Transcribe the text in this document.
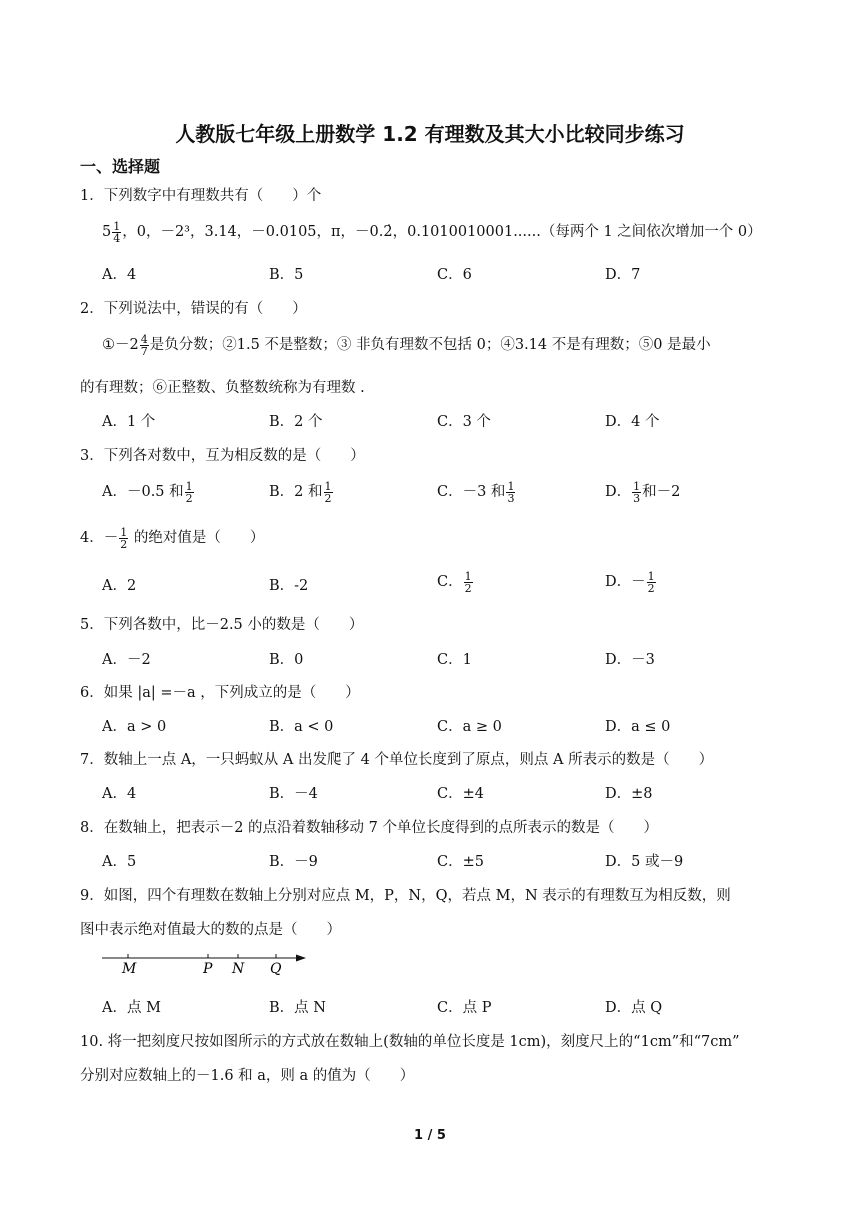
人教版七年级上册数学 1.2 有理数及其大小比较同步练习
一、选择题
1．下列数字中有理数共有（　　）个
$5 \frac{1}{4}$ ，0，－2³，3.14，－0.0105，π，－0.2̇，0.1010010001......（每两个 1 之间依次增加一个 0）
A．4	B．5	C．6	D．7
2．下列说法中，错误的有（　　）
①－2 $\frac{4}{7}$ 是负分数；②1.5 不是整数；③ 非负有理数不包括 0；④3.14 不是有理数；⑤0 是最小
的有理数；⑥正整数、负整数统称为有理数 .
A．1 个	B．2 个	C．3 个	D．4 个
3．下列各对数中，互为相反数的是（　　）
A．－0.5 和 $\frac{1}{2}$	B．2 和 $\frac{1}{2}$	C．－3 和 $\frac{1}{3}$	D． $\frac{1}{3}$ 和－2
4．－ $\frac{1}{2}$ 的绝对值是（　　）
A．2	B．-2	C． $\frac{1}{2}$	D．－ $\frac{1}{2}$
5．下列各数中，比－2.5 小的数是（　　）
A．－2	B．0	C．1	D．－3
6．如果 |a| =－a ，下列成立的是（　　）
A．a > 0	B．a < 0	C．a ≥ 0	D．a ≤ 0
7．数轴上一点 A，一只蚂蚁从 A 出发爬了 4 个单位长度到了原点，则点 A 所表示的数是（　　）
A．4	B．－4	C．±4	D．±8
8．在数轴上，把表示－2 的点沿着数轴移动 7 个单位长度得到的点所表示的数是（　　）
A．5	B．－9	C．±5	D．5 或－9
9．如图，四个有理数在数轴上分别对应点 M，P，N，Q，若点 M，N 表示的有理数互为相反数，则
图中表示绝对值最大的数的点是（　　）
M	P N Q
A．点 M	B．点 N	C．点 P	D．点 Q
10. 将一把刻度尺按如图所示的方式放在数轴上(数轴的单位长度是 1cm)，刻度尺上的“1cm”和“7cm”
分别对应数轴上的－1.6 和 a，则 a 的值为（　　）
1 / 5
